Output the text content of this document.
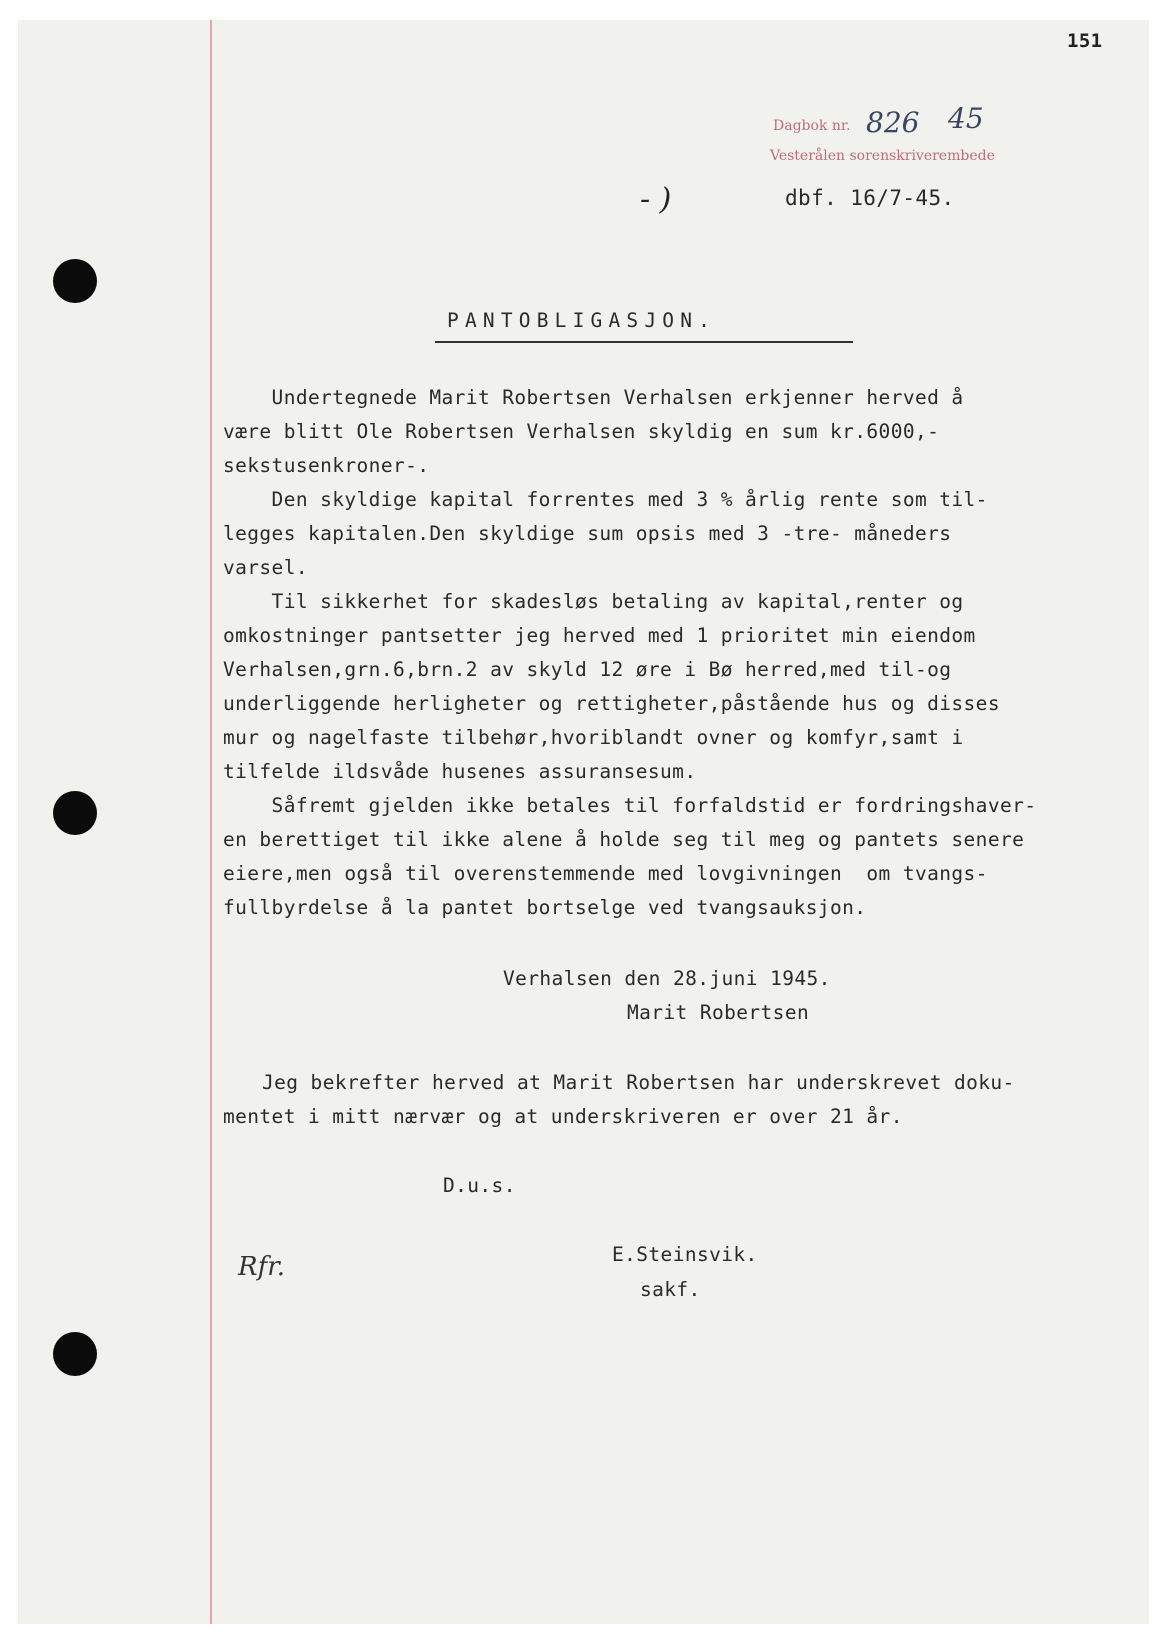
151
Dagbok nr.
Vesterålen sorenskriverembede
826 45
- )	dbf. 16/7-45.
PANTOBLIGASJON.
Undertegnede Marit Robertsen Verhalsen erkjenner herved å
være blitt Ole Robertsen Verhalsen skyldig en sum kr.6000,-
sekstusenkroner-.
Den skyldige kapital forrentes med 3 % årlig rente som til-
legges kapitalen.Den skyldige sum opsis med 3 -tre- måneders
varsel.
Til sikkerhet for skadesløs betaling av kapital,renter og
omkostninger pantsetter jeg herved med 1 prioritet min eiendom
Verhalsen,grn.6,brn.2 av skyld 12 øre i Bø herred,med til-og
underliggende herligheter og rettigheter,påstående hus og disses
mur og nagelfaste tilbehør,hvoriblandt ovner og komfyr,samt i
tilfelde ildsvåde husenes assuransesum.
Såfremt gjelden ikke betales til forfaldstid er fordringshaver-
en berettiget til ikke alene å holde seg til meg og pantets senere
eiere,men også til overenstemmende med lovgivningen  om tvangs-
fullbyrdelse å la pantet bortselge ved tvangsauksjon.
Verhalsen den 28.juni 1945.
Marit Robertsen
Jeg bekrefter herved at Marit Robertsen har underskrevet doku-
mentet i mitt nærvær og at underskriveren er over 21 år.
D.u.s.
Rfr.	E.Steinsvik.
sakf.
